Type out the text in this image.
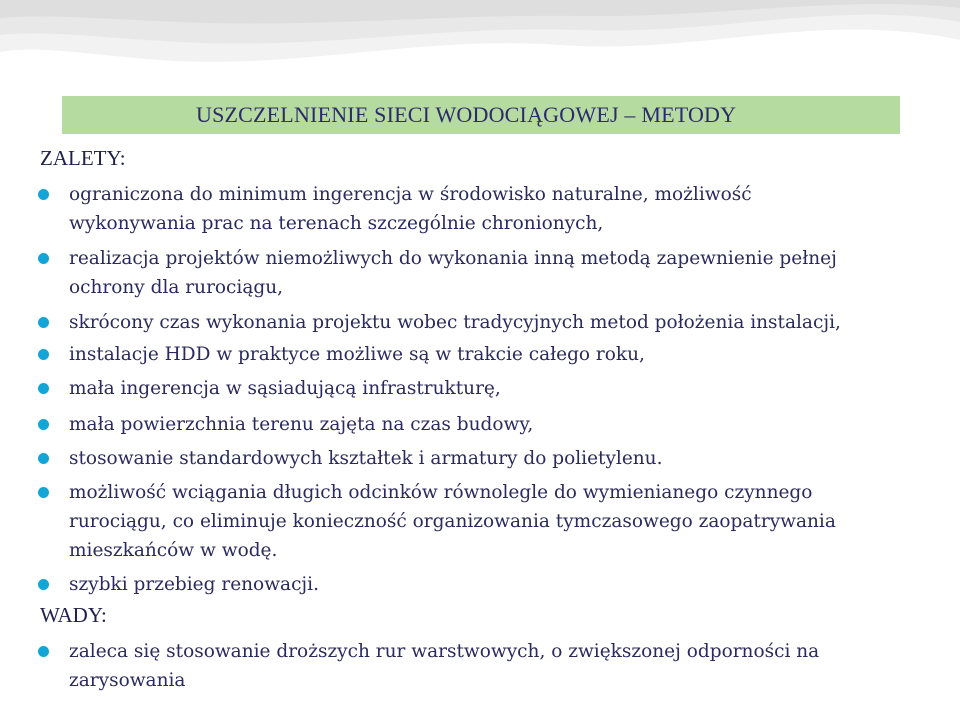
USZCZELNIENIE SIECI WODOCIĄGOWEJ – METODY
ZALETY:
ograniczona do minimum ingerencja w środowisko naturalne, możliwość
wykonywania prac na terenach szczególnie chronionych,
realizacja projektów niemożliwych do wykonania inną metodą zapewnienie pełnej
ochrony dla rurociągu,
skrócony czas wykonania projektu wobec tradycyjnych metod położenia instalacji,
instalacje HDD w praktyce możliwe są w trakcie całego roku,
mała ingerencja w sąsiadującą infrastrukturę,
mała powierzchnia terenu zajęta na czas budowy,
stosowanie standardowych kształtek i armatury do polietylenu.
możliwość wciągania długich odcinków równolegle do wymienianego czynnego
rurociągu, co eliminuje konieczność organizowania tymczasowego zaopatrywania
mieszkańców w wodę.
szybki przebieg renowacji.
WADY:
zaleca się stosowanie droższych rur warstwowych, o zwiększonej odporności na
zarysowania
